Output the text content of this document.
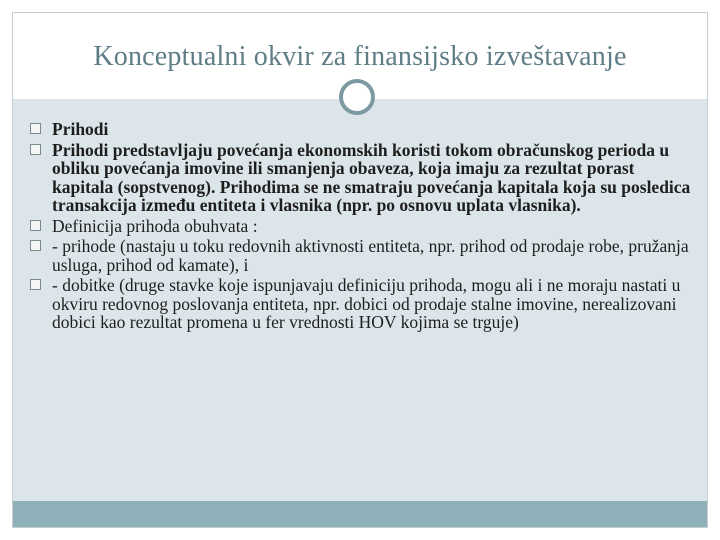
Konceptualni okvir za finansijsko izveštavanje
Prihodi
Prihodi predstavljaju povećanja ekonomskih koristi tokom obračunskog perioda u obliku povećanja imovine ili smanjenja obaveza, koja imaju za rezultat porast kapitala (sopstvenog). Prihodima se ne smatraju povećanja kapitala koja su posledica transakcija između entiteta i vlasnika (npr. po osnovu uplata vlasnika).
Definicija prihoda obuhvata :
- prihode (nastaju u toku redovnih aktivnosti entiteta, npr. prihod od prodaje robe, pružanja usluga, prihod od kamate), i
- dobitke (druge stavke koje ispunjavaju definiciju prihoda, mogu ali i ne moraju nastati u okviru redovnog poslovanja entiteta, npr. dobici od prodaje stalne imovine, nerealizovani dobici kao rezultat promena u fer vrednosti HOV kojima se trguje)
